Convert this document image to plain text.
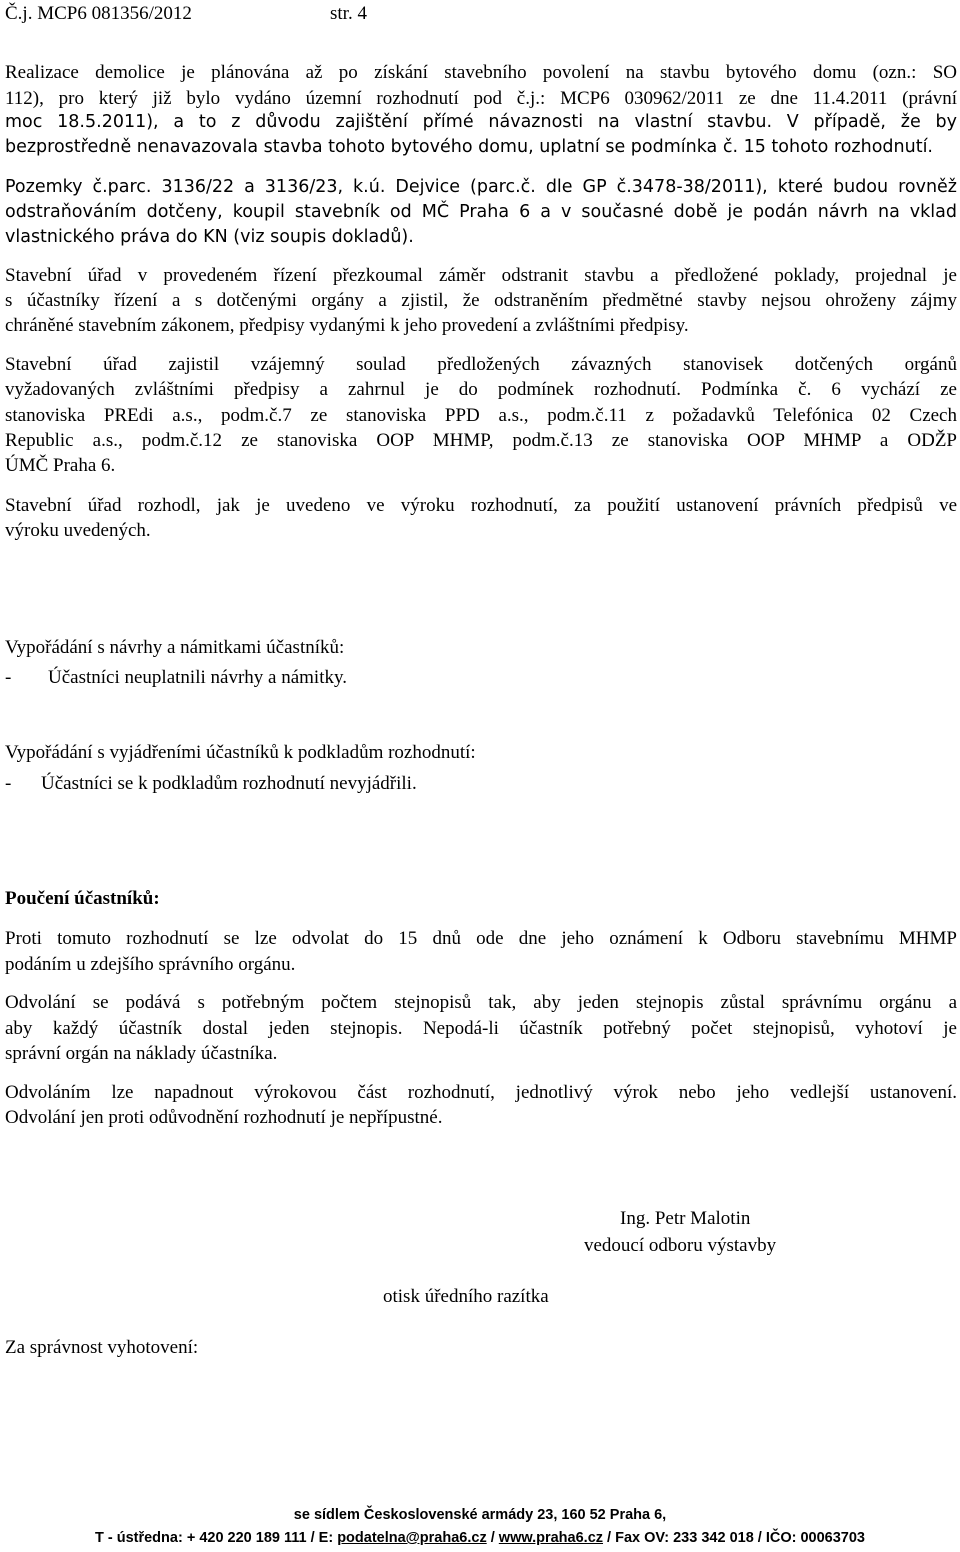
Č.j. MCP6 081356/2012	str. 4
Realizace demolice je plánována až po získání stavebního povolení na stavbu bytového domu (ozn.: SO
112), pro který již bylo vydáno územní rozhodnutí pod č.j.: MCP6 030962/2011 ze dne 11.4.2011 (právní
moc 18.5.2011), a to z důvodu zajištění přímé návaznosti na vlastní stavbu. V případě, že by
bezprostředně nenavazovala stavba tohoto bytového domu, uplatní se podmínka č. 15 tohoto rozhodnutí.
Pozemky č.parc. 3136/22 a 3136/23, k.ú. Dejvice (parc.č. dle GP č.3478-38/2011), které budou rovněž
odstraňováním dotčeny, koupil stavebník od MČ Praha 6 a v současné době je podán návrh na vklad
vlastnického práva do KN (viz soupis dokladů).
Stavební úřad v provedeném řízení přezkoumal záměr odstranit stavbu a předložené poklady, projednal je
s účastníky řízení a s dotčenými orgány a zjistil, že odstraněním předmětné stavby nejsou ohroženy zájmy
chráněné stavebním zákonem, předpisy vydanými k jeho provedení a zvláštními předpisy.
Stavební úřad zajistil vzájemný soulad předložených závazných stanovisek dotčených orgánů
vyžadovaných zvláštními předpisy a zahrnul je do podmínek rozhodnutí. Podmínka č. 6 vychází ze
stanoviska PREdi a.s., podm.č.7 ze stanoviska PPD a.s., podm.č.11 z požadavků Telefónica 02 Czech
Republic a.s., podm.č.12 ze stanoviska OOP MHMP, podm.č.13 ze stanoviska OOP MHMP a ODŽP
ÚMČ Praha 6.
Stavební úřad rozhodl, jak je uvedeno ve výroku rozhodnutí, za použití ustanovení právních předpisů ve
výroku uvedených.
Vypořádání s návrhy a námitkami účastníků:
- Účastníci neuplatnili návrhy a námitky.
Vypořádání s vyjádřeními účastníků k podkladům rozhodnutí:
- Účastníci se k podkladům rozhodnutí nevyjádřili.
Poučení účastníků:
Proti tomuto rozhodnutí se lze odvolat do 15 dnů ode dne jeho oznámení k Odboru stavebnímu MHMP
podáním u zdejšího správního orgánu.
Odvolání se podává s potřebným počtem stejnopisů tak, aby jeden stejnopis zůstal správnímu orgánu a
aby každý účastník dostal jeden stejnopis. Nepodá-li účastník potřebný počet stejnopisů, vyhotoví je
správní orgán na náklady účastníka.
Odvoláním lze napadnout výrokovou část rozhodnutí, jednotlivý výrok nebo jeho vedlejší ustanovení.
Odvolání jen proti odůvodnění rozhodnutí je nepřípustné.
Ing. Petr Malotin
vedoucí odboru výstavby
otisk úředního razítka
Za správnost vyhotovení:
se sídlem Československé armády 23, 160 52 Praha 6,
T - ústředna: + 420 220 189 111 / E: podatelna@praha6.cz / www.praha6.cz / Fax OV: 233 342 018 / IČO: 00063703
